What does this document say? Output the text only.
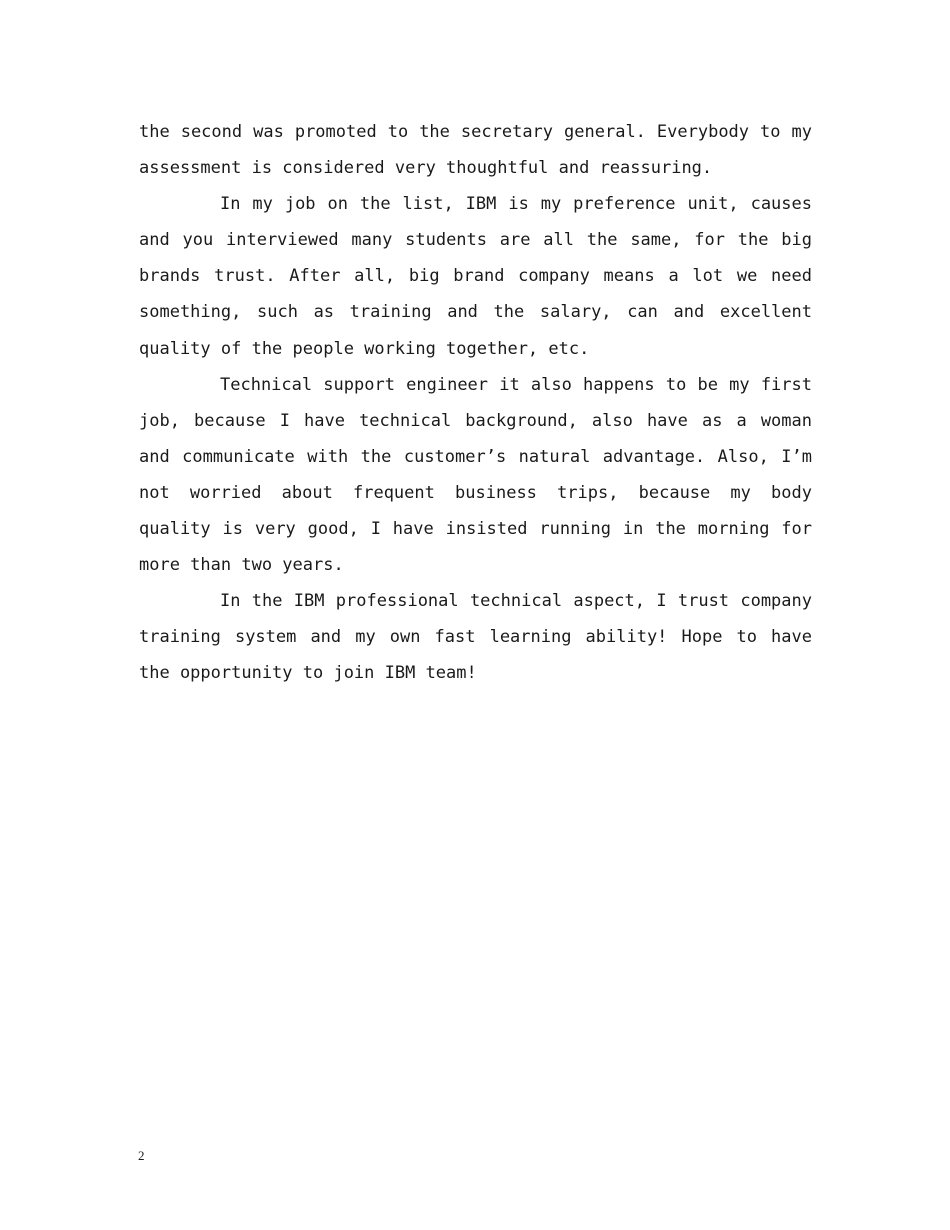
the second was promoted to the secretary general. Everybody to my assessment is considered very thoughtful and reassuring.

In my job on the list, IBM is my preference unit, causes and you interviewed many students are all the same, for the big brands trust. After all, big brand company means a lot we need something, such as training and the salary, can and excellent quality of the people working together, etc.

Technical support engineer it also happens to be my first job, because I have technical background, also have as a woman and communicate with the customer’s natural advantage. Also, I’m not worried about frequent business trips, because my body quality is very good, I have insisted running in the morning for more than two years.

In the IBM professional technical aspect, I trust company training system and my own fast learning ability! Hope to have the opportunity to join IBM team!

2
